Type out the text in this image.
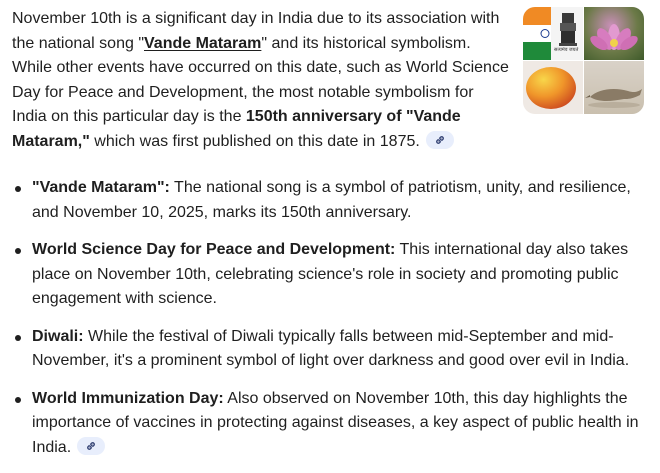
November 10th is a significant day in India due to its association with the national song "Vande Mataram" and its historical symbolism. While other events have occurred on this date, such as World Science Day for Peace and Development, the most notable symbolism for India on this particular day is the 150th anniversary of "Vande Mataram," which was first published on this date in 1875.

सत्यमेव जयते
"Vande Mataram": The national song is a symbol of patriotism, unity, and resilience, and November 10, 2025, marks its 150th anniversary.
World Science Day for Peace and Development: This international day also takes place on November 10th, celebrating science's role in society and promoting public engagement with science.
Diwali: While the festival of Diwali typically falls between mid-September and mid-November, it's a prominent symbol of light over darkness and good over evil in India.
World Immunization Day: Also observed on November 10th, this day highlights the importance of vaccines in protecting against diseases, a key aspect of public health in India.
